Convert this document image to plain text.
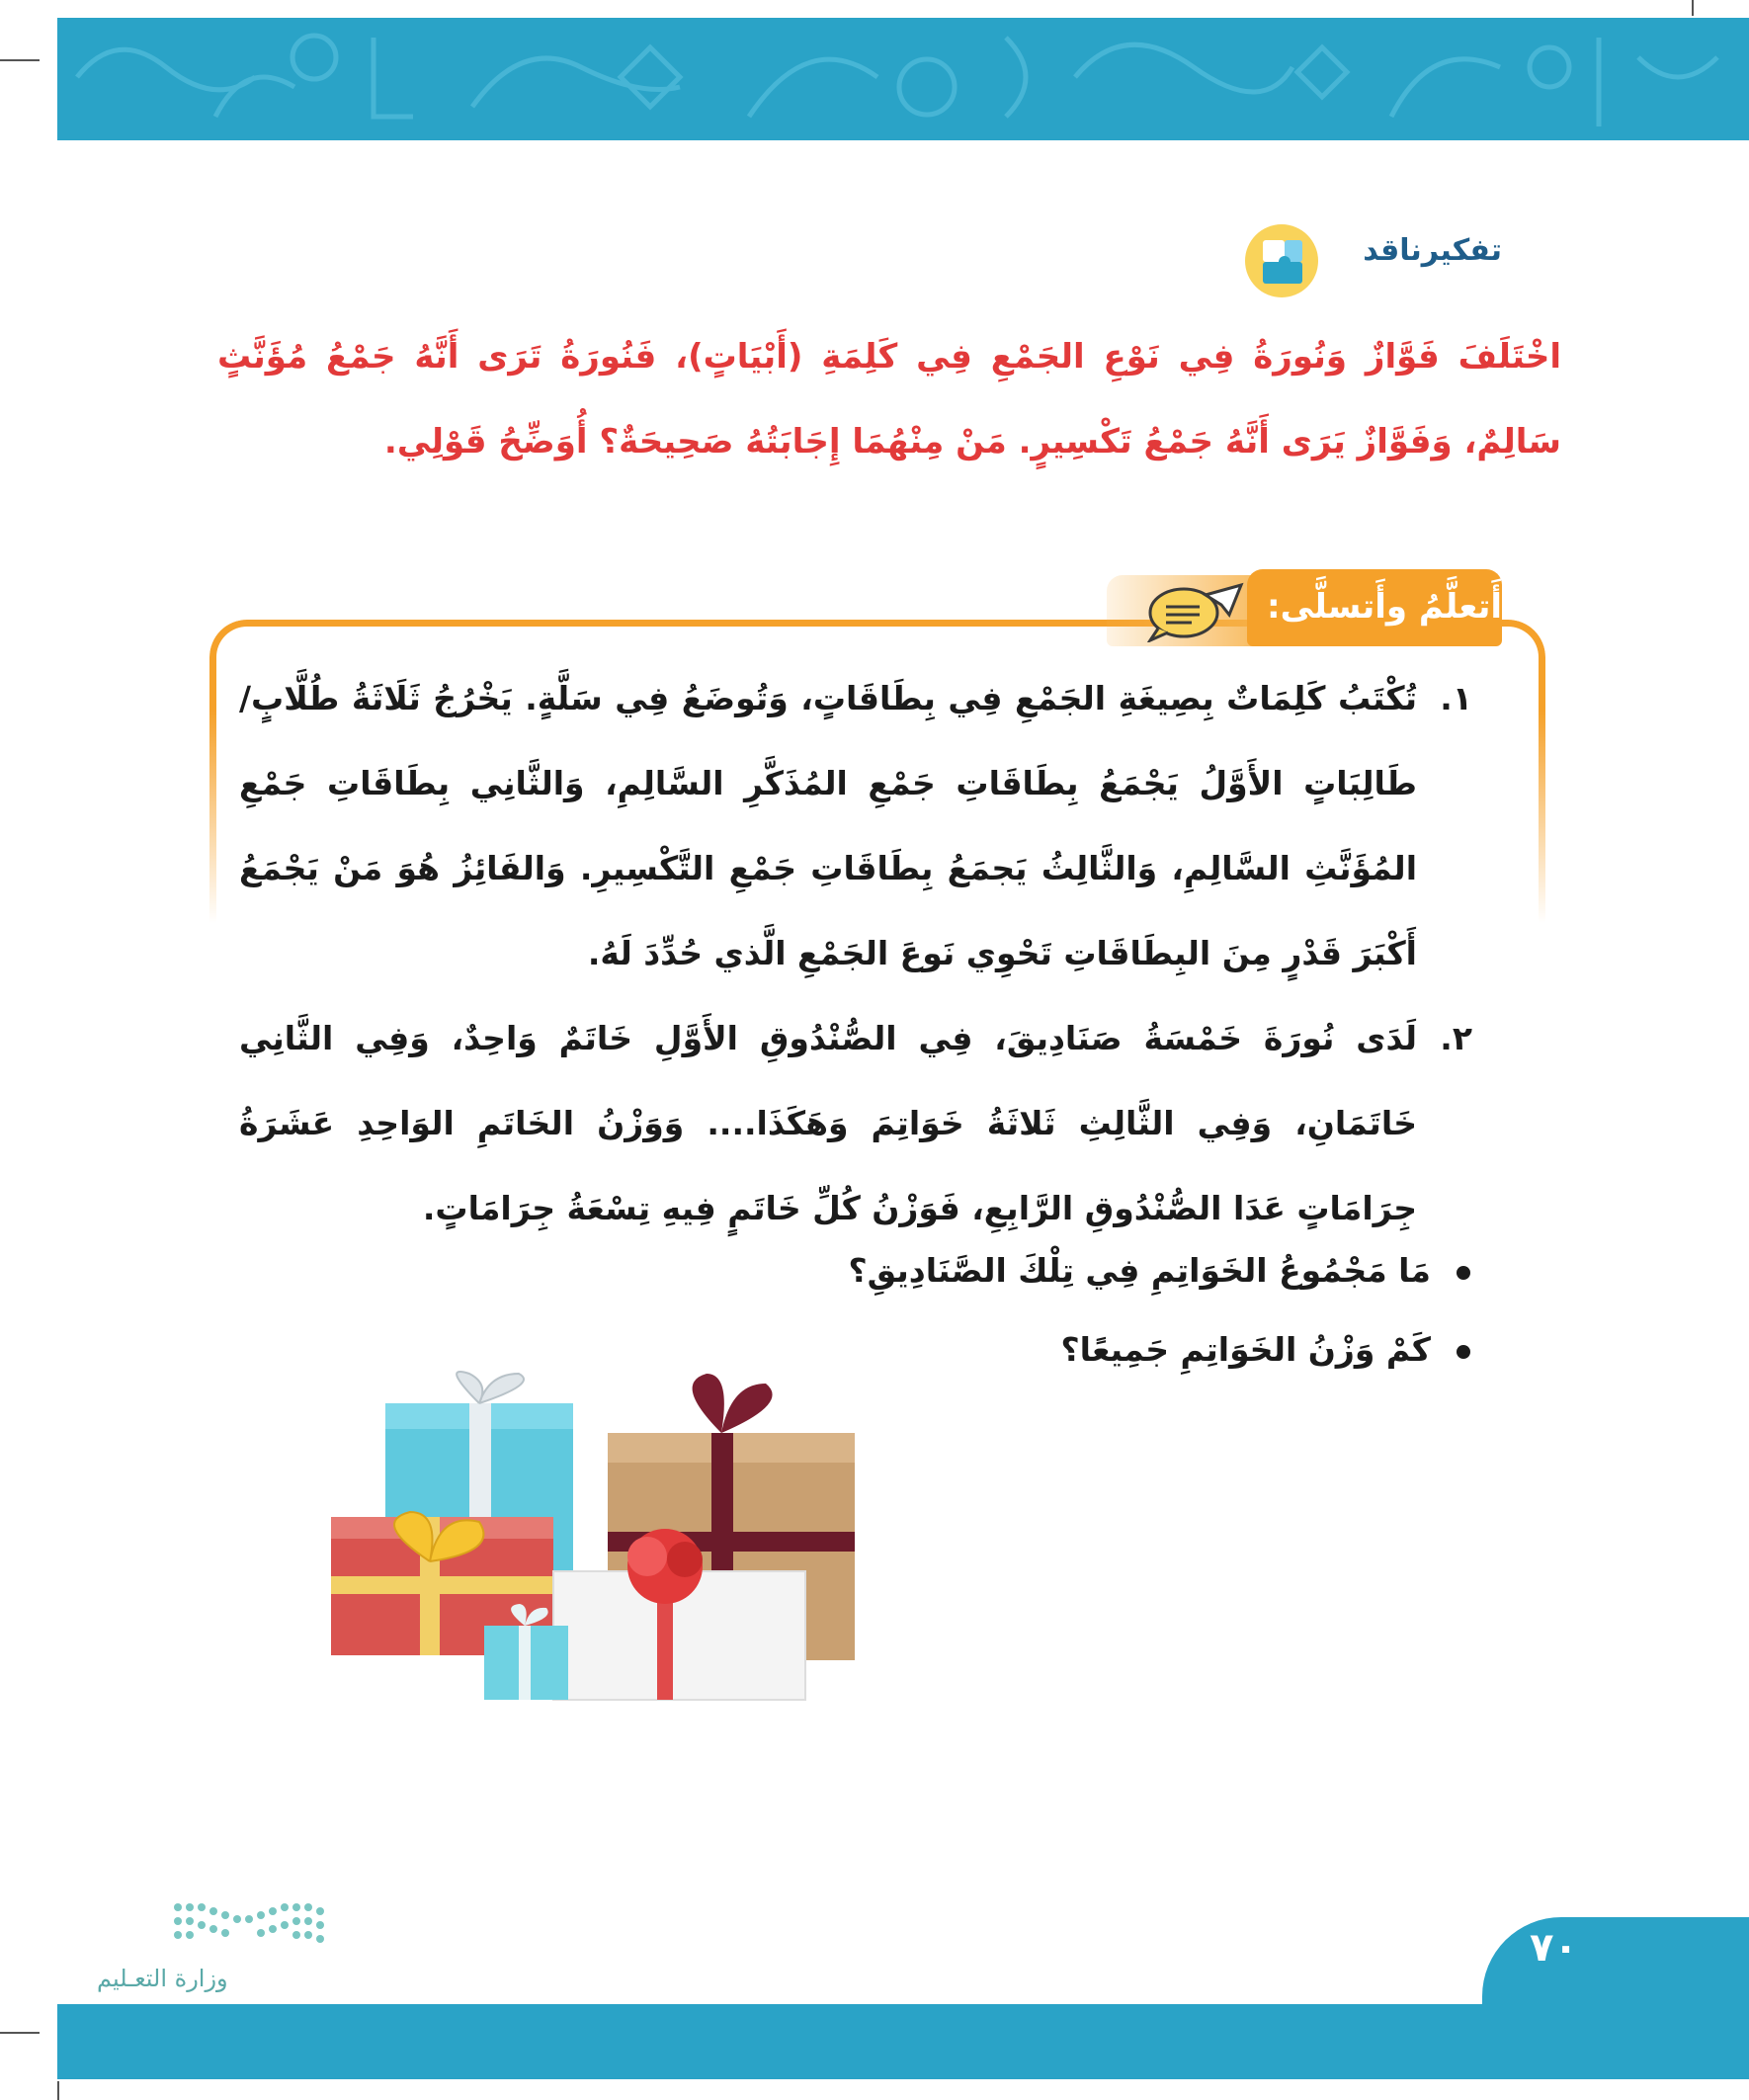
تفكيرناقد
اخْتَلَفَ فَوَّازٌ وَنُورَةُ فِي نَوْعِ الجَمْعِ فِي كَلِمَةِ (أَبْيَاتٍ)، فَنُورَةُ تَرَى أَنَّهُ جَمْعُ مُؤَنَّثٍ سَالِمٌ، وَفَوَّازٌ يَرَى أَنَّهُ جَمْعُ تَكْسِيرٍ. مَنْ مِنْهُمَا إِجَابَتُهُ صَحِيحَةٌ؟ أُوَضِّحُ قَوْلِي.
أَتعلَّمُ وأَتسلَّى:
١.
تُكْتَبُ كَلِمَاتٌ بِصِيغَةِ الجَمْعِ فِي بِطَاقَاتٍ، وَتُوضَعُ فِي سَلَّةٍ. يَخْرُجُ ثَلَاثَةُ طُلَّابٍ/طَالِبَاتٍ الأَوَّلُ يَجْمَعُ بِطَاقَاتِ جَمْعِ المُذَكَّرِ السَّالِمِ، وَالثَّانِي بِطَاقَاتِ جَمْعِ المُؤَنَّثِ السَّالِمِ، وَالثَّالِثُ يَجمَعُ بِطَاقَاتِ جَمْعِ التَّكْسِيرِ. وَالفَائِزُ هُوَ مَنْ يَجْمَعُ أَكْبَرَ قَدْرٍ مِنَ البِطَاقَاتِ تَحْوِي نَوعَ الجَمْعِ الَّذي حُدِّدَ لَهُ.
٢.
لَدَى نُورَةَ خَمْسَةُ صَنَادِيقَ، فِي الصُّنْدُوقِ الأَوَّلِ خَاتَمٌ وَاحِدٌ، وَفِي الثَّانِي خَاتَمَانِ، وَفِي الثَّالِثِ ثَلاثَةُ خَوَاتِمَ وَهَكَذَا.... وَوَزْنُ الخَاتَمِ الوَاحِدِ عَشَرَةُ جِرَامَاتٍ عَدَا الصُّنْدُوقِ الرَّابِعِ، فَوَزْنُ كُلِّ خَاتَمٍ فِيهِ تِسْعَةُ جِرَامَاتٍ.
مَا مَجْمُوعُ الخَوَاتِمِ فِي تِلْكَ الصَّنَادِيقِ؟
كَمْ وَزْنُ الخَوَاتِمِ جَمِيعًا؟
٧٠
وزارة التعـليم
